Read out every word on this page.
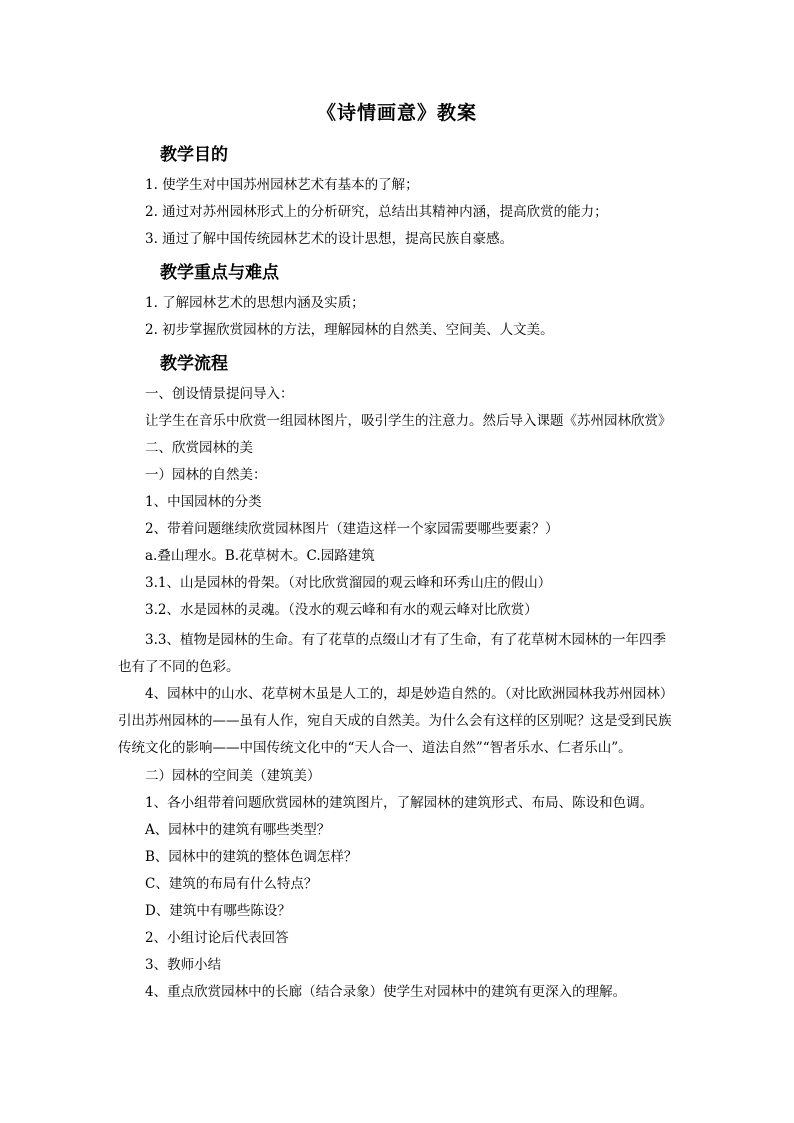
《诗情画意》教案
教学目的
1. 使学生对中国苏州园林艺术有基本的了解；
2. 通过对苏州园林形式上的分析研究，总结出其精神内涵，提高欣赏的能力；
3. 通过了解中国传统园林艺术的设计思想，提高民族自豪感。
教学重点与难点
1. 了解园林艺术的思想内涵及实质；
2. 初步掌握欣赏园林的方法，理解园林的自然美、空间美、人文美。
教学流程
一、创设情景提问导入：
让学生在音乐中欣赏一组园林图片，吸引学生的注意力。然后导入课题《苏州园林欣赏》
二、欣赏园林的美
一）园林的自然美：
1、中国园林的分类
2、带着问题继续欣赏园林图片（建造这样一个家园需要哪些要素？）
a.叠山理水。B.花草树木。C.园路建筑
3.1、山是园林的骨架。（对比欣赏溜园的观云峰和环秀山庄的假山）
3.2、水是园林的灵魂。（没水的观云峰和有水的观云峰对比欣赏）
3.3、植物是园林的生命。有了花草的点缀山才有了生命，有了花草树木园林的一年四季也有了不同的色彩。
4、园林中的山水、花草树木虽是人工的，却是妙造自然的。（对比欧洲园林我苏州园林）引出苏州园林的——虽有人作，宛自天成的自然美。为什么会有这样的区别呢？这是受到民族传统文化的影响——中国传统文化中的“天人合一、道法自然”“智者乐水、仁者乐山”。
二）园林的空间美（建筑美）
1、各小组带着问题欣赏园林的建筑图片，了解园林的建筑形式、布局、陈设和色调。
A、园林中的建筑有哪些类型？
B、园林中的建筑的整体色调怎样？
C、建筑的布局有什么特点？
D、建筑中有哪些陈设？
2、小组讨论后代表回答
3、教师小结
4、重点欣赏园林中的长廊（结合录象）使学生对园林中的建筑有更深入的理解。
